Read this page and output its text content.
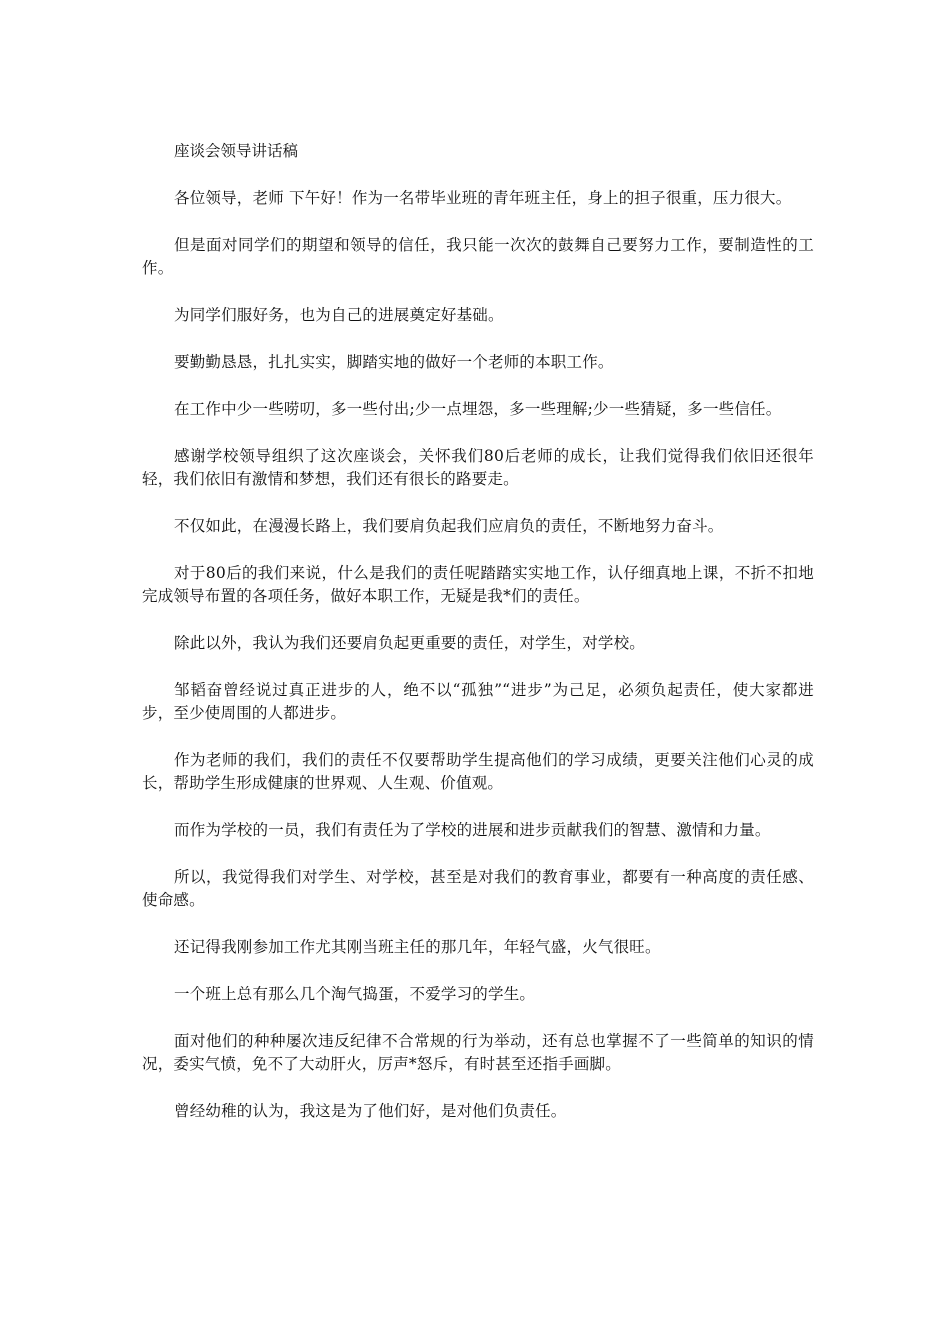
座谈会领导讲话稿

各位领导，老师 下午好！作为一名带毕业班的青年班主任，身上的担子很重，压力很大。

但是面对同学们的期望和领导的信任，我只能一次次的鼓舞自己要努力工作，要制造性的工作。

为同学们服好务，也为自己的进展奠定好基础。

要勤勤恳恳，扎扎实实，脚踏实地的做好一个老师的本职工作。

在工作中少一些唠叨，多一些付出;少一点埋怨，多一些理解;少一些猜疑，多一些信任。

感谢学校领导组织了这次座谈会，关怀我们80后老师的成长，让我们觉得我们依旧还很年轻，我们依旧有激情和梦想，我们还有很长的路要走。

不仅如此，在漫漫长路上，我们要肩负起我们应肩负的责任，不断地努力奋斗。

对于80后的我们来说，什么是我们的责任呢踏踏实实地工作，认仔细真地上课，不折不扣地完成领导布置的各项任务，做好本职工作，无疑是我*们的责任。

除此以外，我认为我们还要肩负起更重要的责任，对学生，对学校。

邹韬奋曾经说过真正进步的人，绝不以“孤独”“进步”为己足，必须负起责任，使大家都进步，至少使周围的人都进步。

作为老师的我们，我们的责任不仅要帮助学生提高他们的学习成绩，更要关注他们心灵的成长，帮助学生形成健康的世界观、人生观、价值观。

而作为学校的一员，我们有责任为了学校的进展和进步贡献我们的智慧、激情和力量。

所以，我觉得我们对学生、对学校，甚至是对我们的教育事业，都要有一种高度的责任感、使命感。

还记得我刚参加工作尤其刚当班主任的那几年，年轻气盛，火气很旺。

一个班上总有那么几个淘气捣蛋，不爱学习的学生。

面对他们的种种屡次违反纪律不合常规的行为举动，还有总也掌握不了一些简单的知识的情况，委实气愤，免不了大动肝火，厉声*怒斥，有时甚至还指手画脚。

曾经幼稚的认为，我这是为了他们好，是对他们负责任。
